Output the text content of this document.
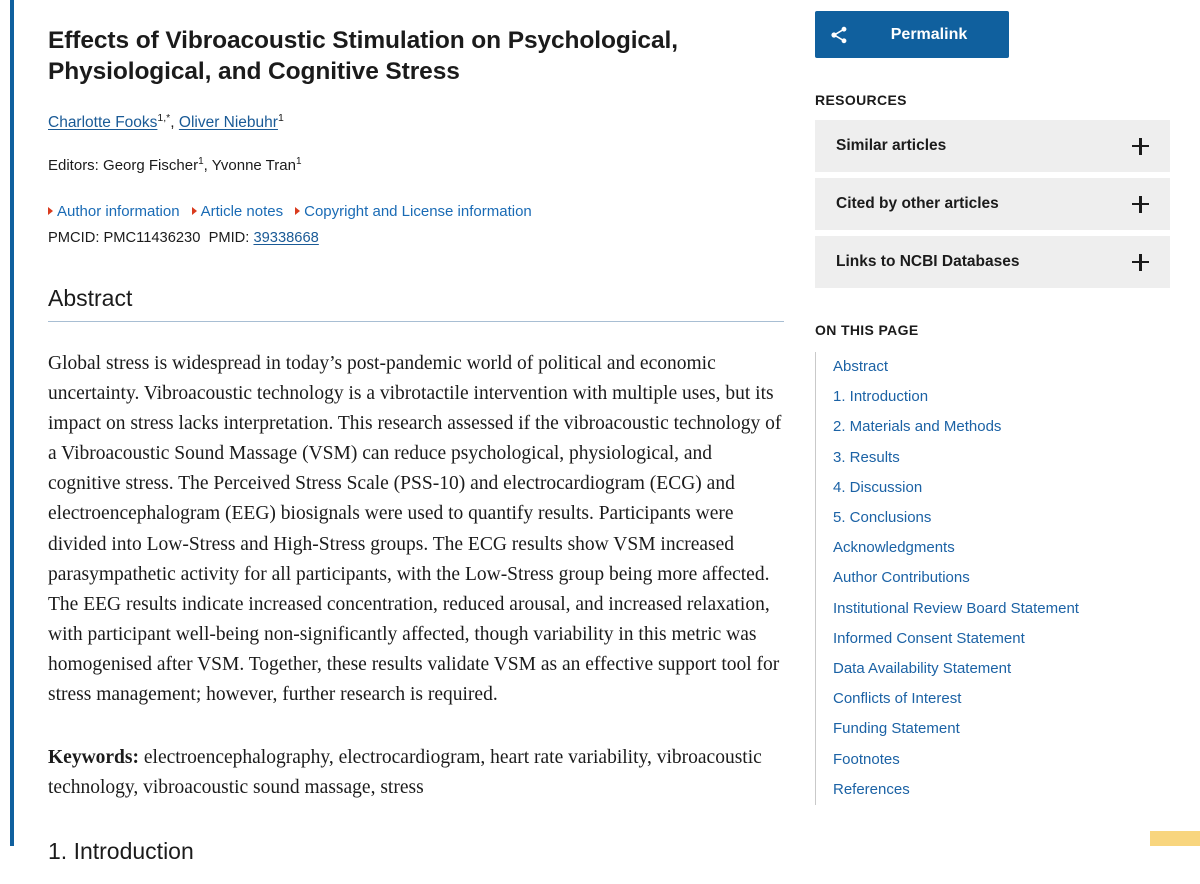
Effects of Vibroacoustic Stimulation on Psychological, Physiological, and Cognitive Stress
Charlotte Fooks$^{1,*}$, Oliver Niebuhr$^1$
Editors: Georg Fischer$^1$, Yvonne Tran$^1$
Author information Article notes Copyright and License information
PMCID: PMC11436230 PMID: 39338668
Abstract

Global stress is widespread in today’s post-pandemic world of political and economic uncertainty. Vibroacoustic technology is a vibrotactile intervention with multiple uses, but its impact on stress lacks interpretation. This research assessed if the vibroacoustic technology of a Vibroacoustic Sound Massage (VSM) can reduce psychological, physiological, and cognitive stress. The Perceived Stress Scale (PSS-10) and electrocardiogram (ECG) and electroencephalogram (EEG) biosignals were used to quantify results. Participants were divided into Low-Stress and High-Stress groups. The ECG results show VSM increased parasympathetic activity for all participants, with the Low-Stress group being more affected. The EEG results indicate increased concentration, reduced arousal, and increased relaxation, with participant well-being non-significantly affected, though variability in this metric was homogenised after VSM. Together, these results validate VSM as an effective support tool for stress management; however, further research is required.

Keywords: electroencephalography, electrocardiogram, heart rate variability, vibroacoustic technology, vibroacoustic sound massage, stress

1. Introduction
Permalink
RESOURCES
Similar articles
Cited by other articles
Links to NCBI Databases
ON THIS PAGE
Abstract
1. Introduction
2. Materials and Methods
3. Results
4. Discussion
5. Conclusions
Acknowledgments
Author Contributions
Institutional Review Board Statement
Informed Consent Statement
Data Availability Statement
Conflicts of Interest
Funding Statement
Footnotes
References
